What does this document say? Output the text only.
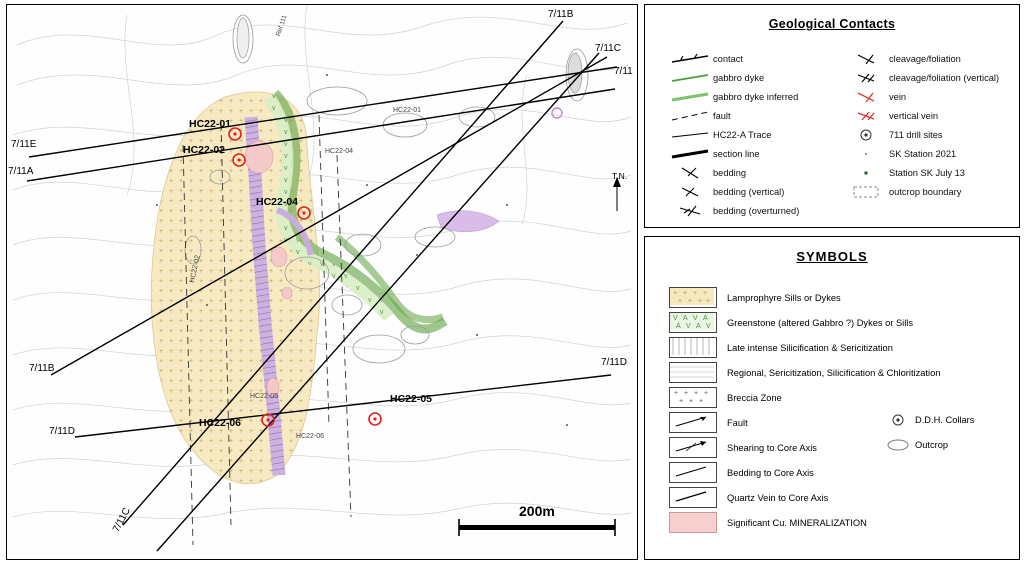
HC22-01
HC22-02
HC22-04
HC22-05
HC22-06
7/11B
7/11C
7/11
7/11E
7/11A
7/11B
7/11D
7/11D
7/11C
T.N.
HC22-01
HC22-04
Ref 111
HC22-02
HC22-06
HC22-05
200m
Geological Contacts
contact
gabbro dyke
gabbro dyke inferred
fault
HC22-A Trace
section line
bedding
bedding (vertical)
bedding (overturned)
cleavage/foliation
cleavage/foliation (vertical)
vein
vertical vein
711 drill sites
SK Station 2021
Station SK July 13
outcrop boundary
SYMBOLS
+ + + +
+ + + + Lamprophyre Sills or Dykes
V A V A
A V A V Greenstone (altered Gabbro ?) Dykes or Sills
Late intense Silicification & Sericitization
Regional, Sericitization, Silicification & Chloritization
+ + + +
+ + +	Breccia Zone
Fault
Shearing to Core Axis
Bedding to Core Axis
Quartz Vein to Core Axis
Significant Cu. MINERALIZATION
D.D.H. Collars
Outcrop
